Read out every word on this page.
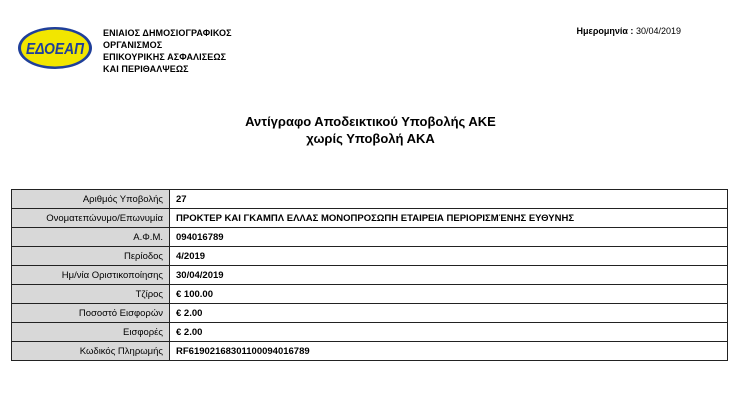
ΕΔΟΕΑΠ
ΕΝΙΑΙΟΣ ΔΗΜΟΣΙΟΓΡΑΦΙΚΟΣ
ΟΡΓΑΝΙΣΜΟΣ
ΕΠΙΚΟΥΡΙΚΗΣ ΑΣΦΑΛΙΣΕΩΣ
ΚΑΙ ΠΕΡΙΘΑΛΨΕΩΣ
Ημερομηνία : 30/04/2019
Αντίγραφο Αποδεικτικού Υποβολής ΑΚΕ
χωρίς Υποβολή ΑΚΑ
Αριθμός Υποβολής	27
Ονοματεπώνυμο/Επωνυμία	ΠΡΟΚΤΕΡ ΚΑΙ ΓΚΑΜΠΛ ΕΛΛΑΣ ΜΟΝΟΠΡΟΣΩΠΗ ΕΤΑΙΡΕΙΑ ΠΕΡΙΟΡΙΣΜΈΝΗΣ ΕΥΘΥΝΗΣ
Α.Φ.Μ.	094016789
Περίοδος	4/2019
Ημ/νία Οριστικοποίησης	30/04/2019
Τζίρος	€ 100.00
Ποσοστό Εισφορών	€ 2.00
Εισφορές	€ 2.00
Κωδικός Πληρωμής	RF61902168301100094016789
